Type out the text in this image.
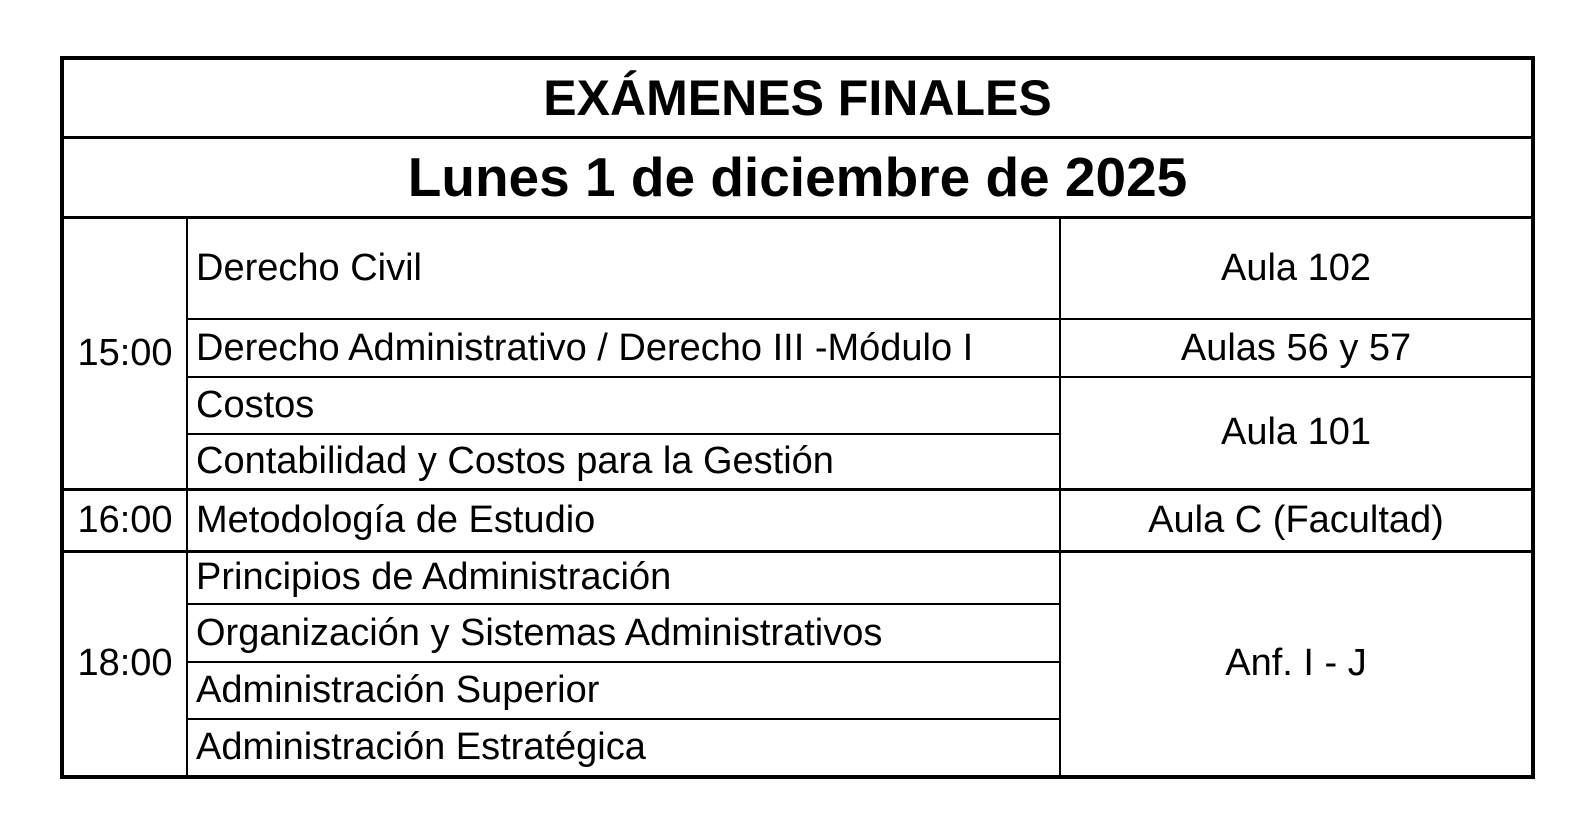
EXÁMENES FINALES		
Lunes 1 de diciembre de 2025		
15:00	Derecho Civil	Aula 102
	Derecho Administrativo / Derecho III -Módulo I	Aulas 56 y 57
	Costos	Aula 101
	Contabilidad y Costos para la Gestión	
16:00	Metodología de Estudio	Aula C (Facultad)
18:00	Principios de Administración	Anf. I - J
	Organización y Sistemas Administrativos	
	Administración Superior	
	Administración Estratégica	
